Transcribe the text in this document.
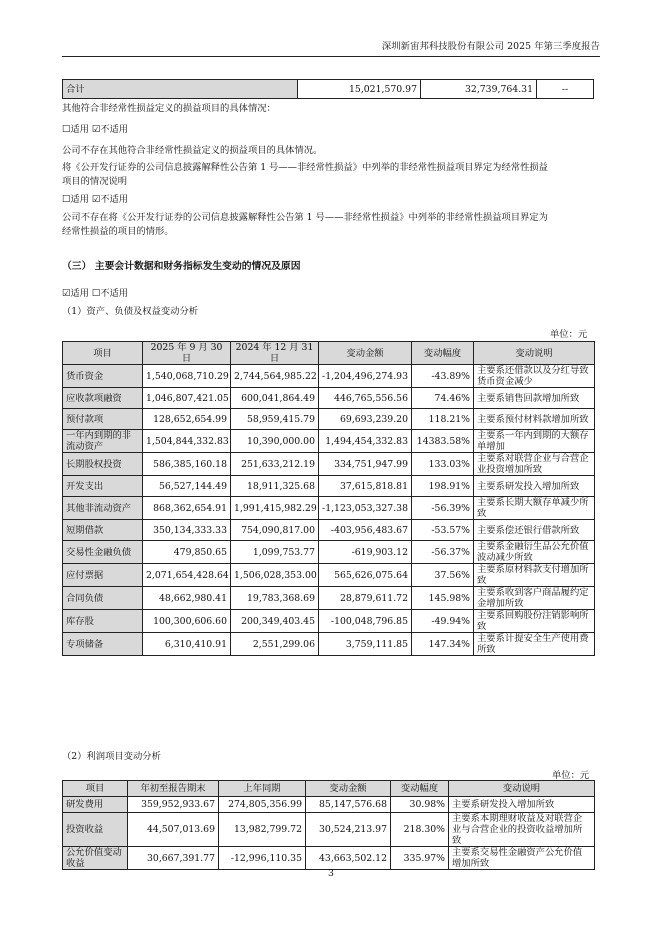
深圳新宙邦科技股份有限公司 2025 年第三季度报告
合计	15,021,570.97	32,739,764.31	--
其他符合非经常性损益定义的损益项目的具体情况：
☐适用 ☑不适用
公司不存在其他符合非经常性损益定义的损益项目的具体情况。
将《公开发行证券的公司信息披露解释性公告第 1 号——非经常性损益》中列举的非经常性损益项目界定为经常性损益
项目的情况说明
☐适用 ☑不适用
公司不存在将《公开发行证券的公司信息披露解释性公告第 1 号——非经常性损益》中列举的非经常性损益项目界定为
经常性损益的项目的情形。
（三） 主要会计数据和财务指标发生变动的情况及原因
☑适用 ☐不适用
（1）资产、负债及权益变动分析
单位：元
项目	2025 年 9 月 30 日	2024 年 12 月 31 日	变动金额	变动幅度	变动说明
货币资金	1,540,068,710.29	2,744,564,985.22	-1,204,496,274.93	-43.89%	主要系还借款以及分红导致货币资金减少
应收款项融资	1,046,807,421.05	600,041,864.49	446,765,556.56	74.46%	主要系销售回款增加所致
预付款项	128,652,654.99	58,959,415.79	69,693,239.20	118.21%	主要系预付材料款增加所致
一年内到期的非流动资产	1,504,844,332.83	10,390,000.00	1,494,454,332.83	14383.58%	主要系一年内到期的大额存单增加
长期股权投资	586,385,160.18	251,633,212.19	334,751,947.99	133.03%	主要系对联营企业与合营企业投资增加所致
开发支出	56,527,144.49	18,911,325.68	37,615,818.81	198.91%	主要系研发投入增加所致
其他非流动资产	868,362,654.91	1,991,415,982.29	-1,123,053,327.38	-56.39%	主要系长期大额存单减少所致
短期借款	350,134,333.33	754,090,817.00	-403,956,483.67	-53.57%	主要系偿还银行借款所致
交易性金融负债	479,850.65	1,099,753.77	-619,903.12	-56.37%	主要系金融衍生品公允价值波动减少所致
应付票据	2,071,654,428.64	1,506,028,353.00	565,626,075.64	37.56%	主要系原材料款支付增加所致
合同负债	48,662,980.41	19,783,368.69	28,879,611.72	145.98%	主要系收到客户商品履约定金增加所致
库存股	100,300,606.60	200,349,403.45	-100,048,796.85	-49.94%	主要系回购股份注销影响所致
专项储备	6,310,410.91	2,551,299.06	3,759,111.85	147.34%	主要系计提安全生产使用费所致
（2）利润项目变动分析
单位：元
项目	年初至报告期末	上年同期	变动金额	变动幅度	变动说明
研发费用	359,952,933.67	274,805,356.99	85,147,576.68	30.98%	主要系研发投入增加所致
投资收益	44,507,013.69	13,982,799.72	30,524,213.97	218.30%	主要系本期理财收益及对联营企业与合营企业的投资收益增加所致
公允价值变动收益	30,667,391.77	-12,996,110.35	43,663,502.12	335.97%	主要系交易性金融资产公允价值增加所致
3
